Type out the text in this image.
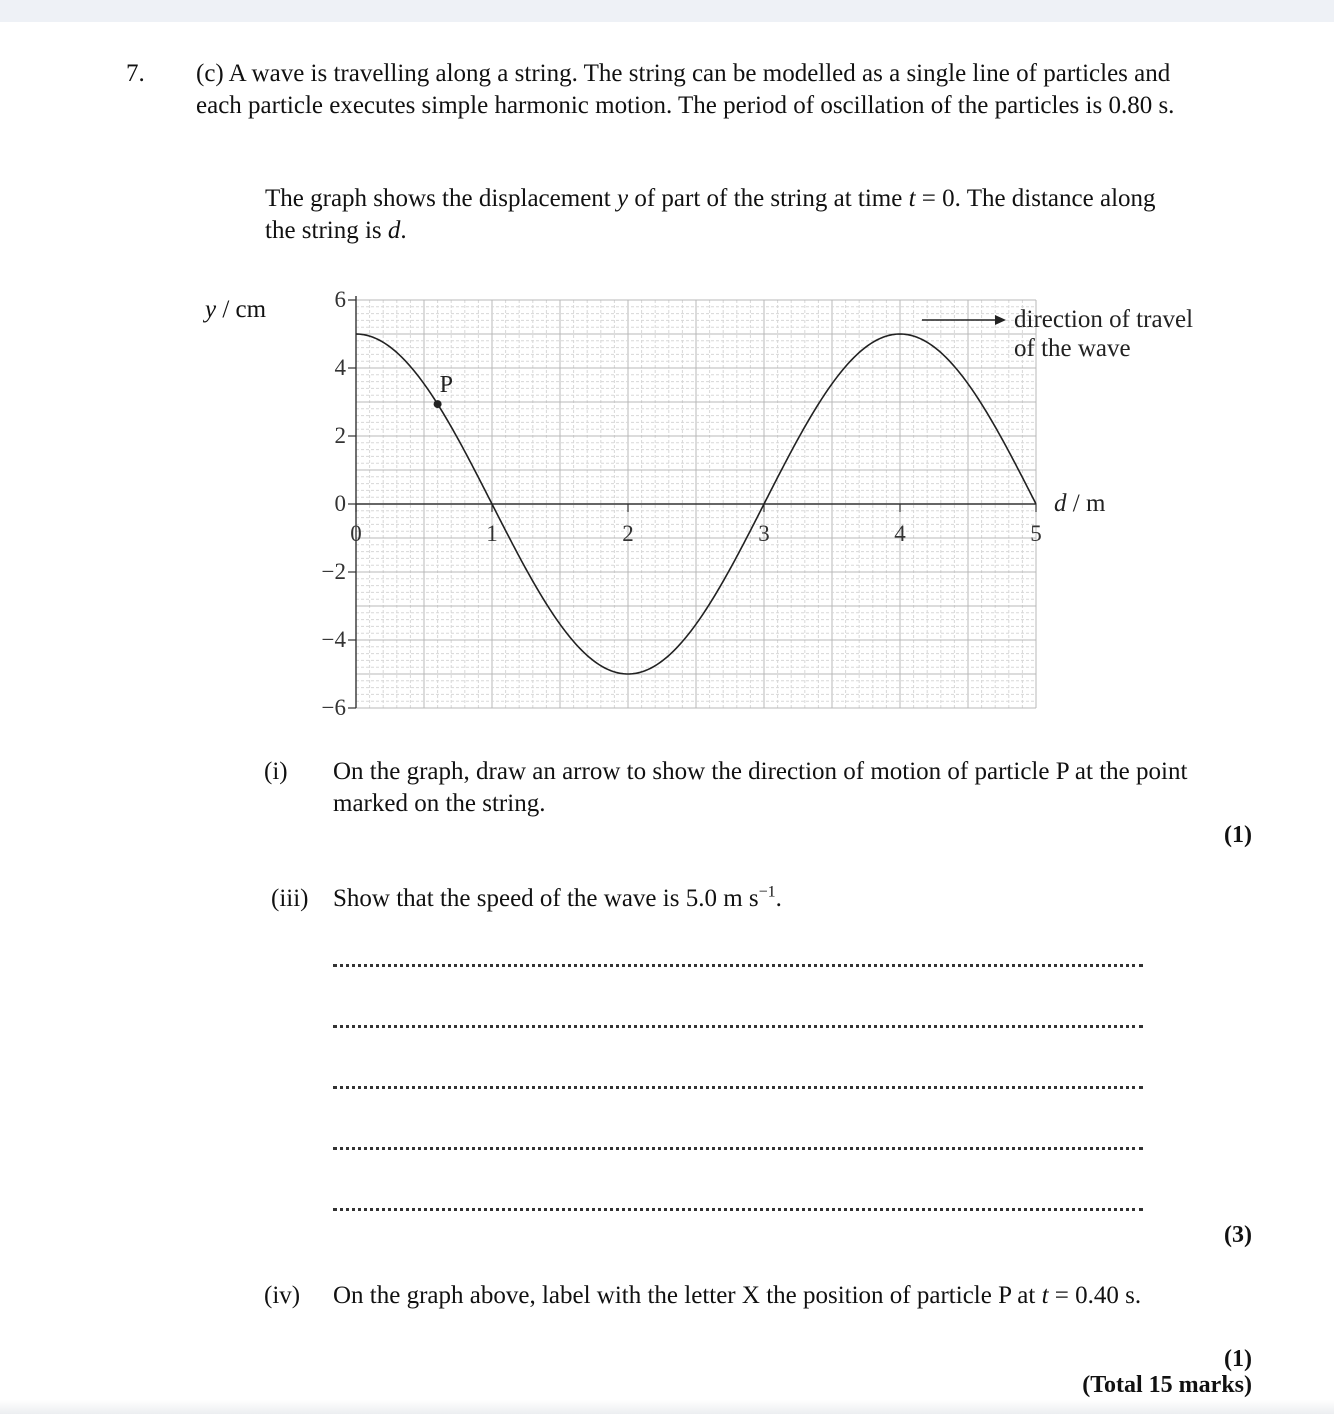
7. (c) A wave is travelling along a string. The string can be modelled as a single line of particles and each particle executes simple harmonic motion. The period of oscillation of the particles is 0.80 s.

The graph shows the displacement y of part of the string at time t = 0. The distance along the string is d.

y / cm	6
4
2
0
−2
−4
−6
0	1	2	3	4	5
P
direction of travel
of the wave
d / m

(i)	On the graph, draw an arrow to show the direction of motion of particle P at the point marked on the string.

(1)

(iii) Show that the speed of the wave is 5.0 m $s^{-1}$.

(3)

(iv)	On the graph above, label with the letter X the position of particle P at t = 0.40 s.

(1)

(Total 15 marks)
